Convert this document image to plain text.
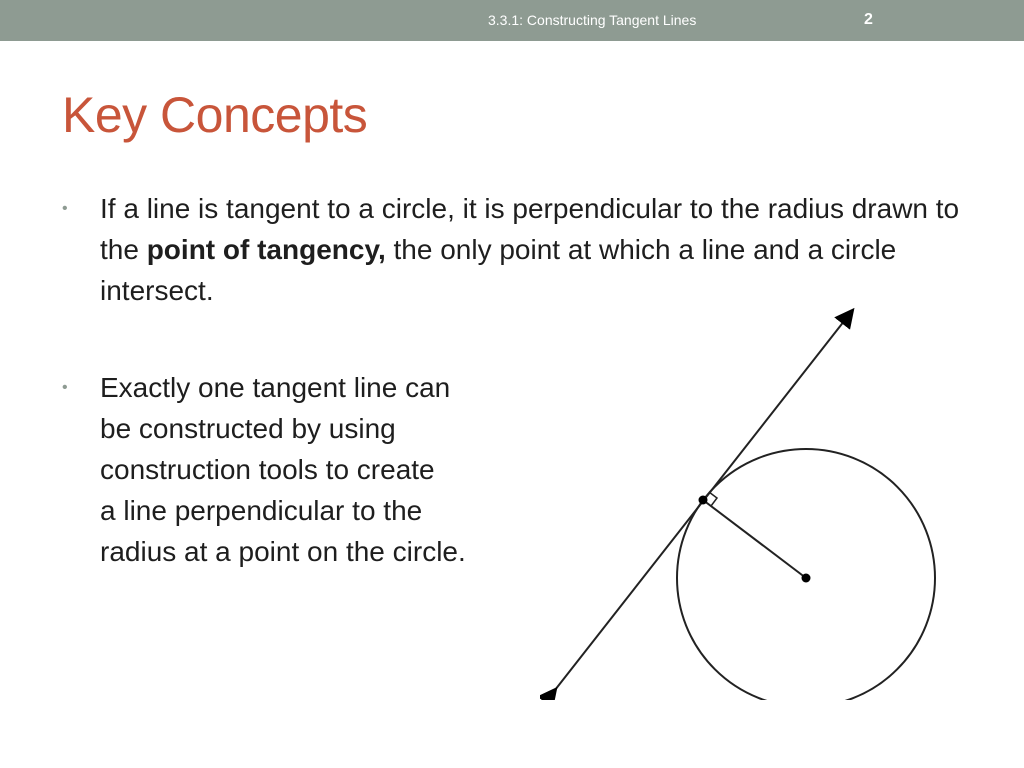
3.3.1: Constructing Tangent Lines	2
Key Concepts
• If a line is tangent to a circle, it is perpendicular to the radius drawn to the point of tangency, the only point at which a line and a circle intersect.
• Exactly one tangent line can
be constructed by using
construction tools to create
a line perpendicular to the
radius at a point on the circle.
